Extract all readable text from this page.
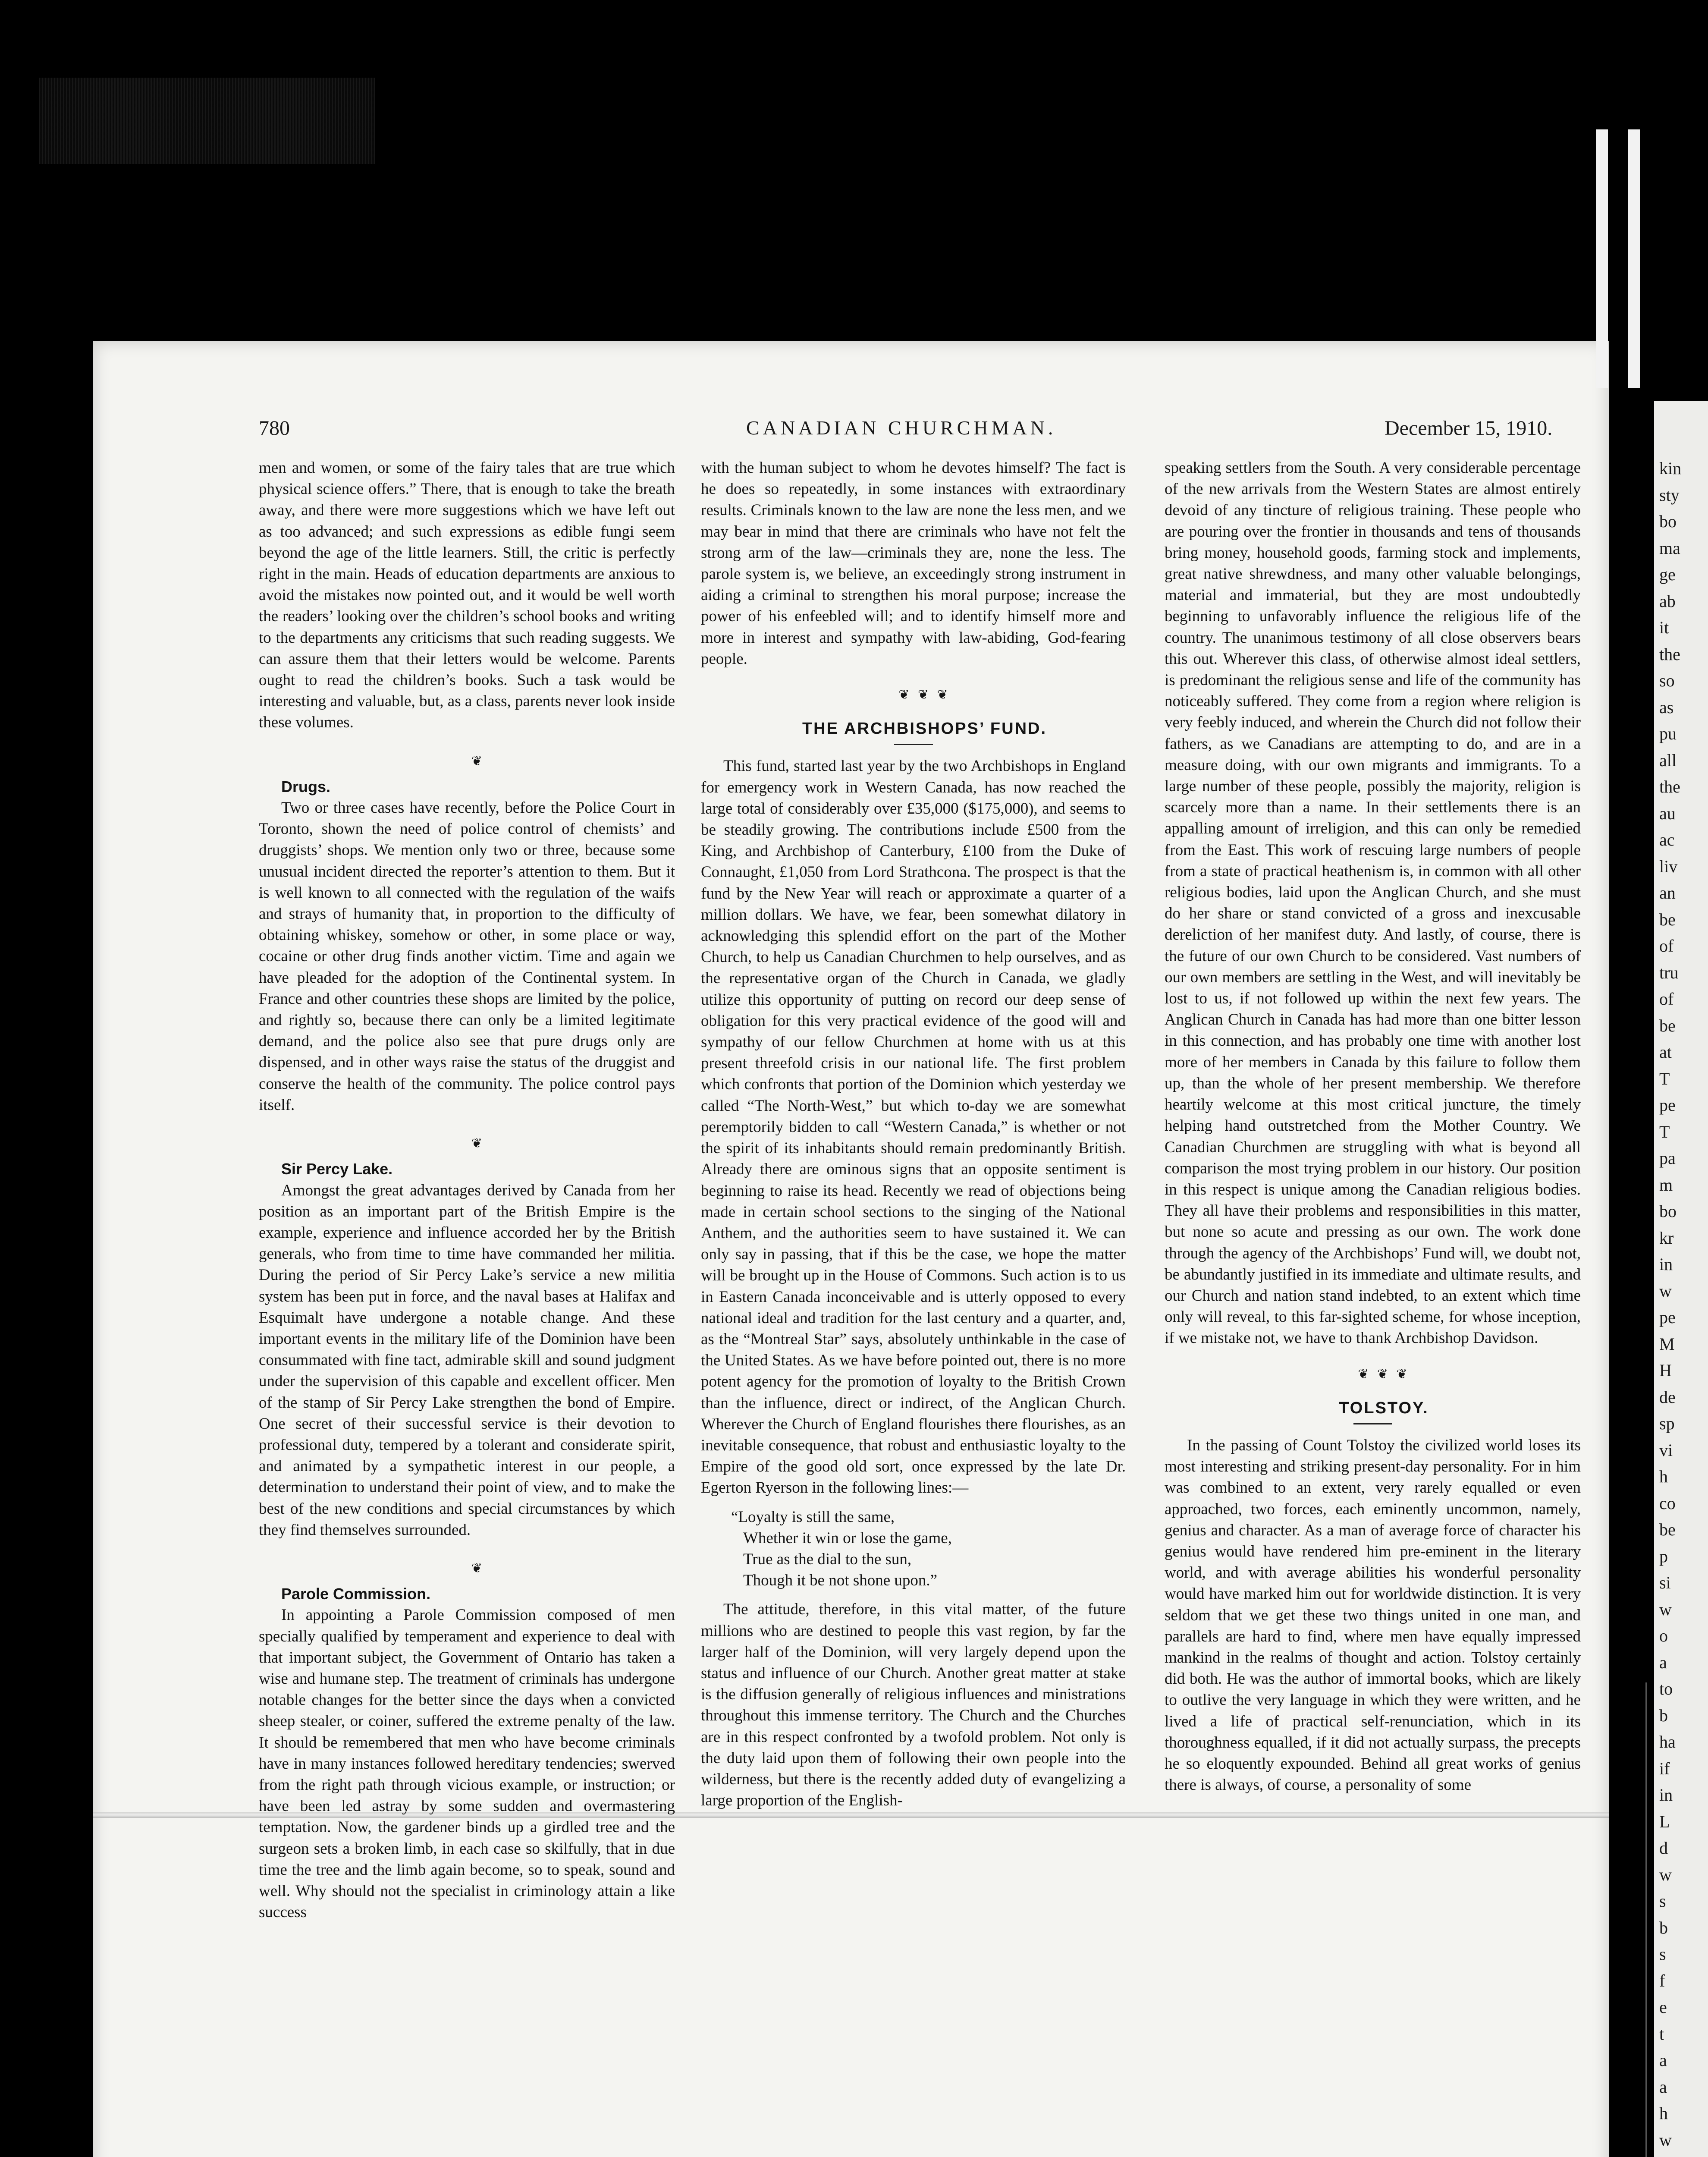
kin
sty
bo
ma
ge
ab
it
the
so
as
pu
all
the
au
ac
liv
an
be
of
tru
of
be
at
T
pe
T
pa
m
bo
kr
in
w
pe
M
H
de
sp
vi
h
co
be
p
si
w
o
a
to
b
ha
if
in
L
d
w
s
b
s
f
e
t
a
a
h
w
780	CANADIAN CHURCHMAN.	December 15, 1910.

men and women, or some of the fairy tales that are true which physical science offers.” There, that is enough to take the breath away, and there were more suggestions which we have left out as too advanced; and such expressions as edible fungi seem beyond the age of the little learners. Still, the critic is perfectly right in the main. Heads of education departments are anxious to avoid the mistakes now pointed out, and it would be well worth the readers’ looking over the children’s school books and writing to the departments any criticisms that such reading suggests. We can assure them that their letters would be welcome. Parents ought to read the children’s books. Such a task would be interesting and valuable, but, as a class, parents never look inside these volumes.

❦

Drugs.

Two or three cases have recently, before the Police Court in Toronto, shown the need of police control of chemists’ and druggists’ shops. We mention only two or three, because some unusual incident directed the reporter’s attention to them. But it is well known to all connected with the regulation of the waifs and strays of humanity that, in proportion to the difficulty of obtaining whiskey, somehow or other, in some place or way, cocaine or other drug finds another victim. Time and again we have pleaded for the adoption of the Continental system. In France and other countries these shops are limited by the police, and rightly so, because there can only be a limited legitimate demand, and the police also see that pure drugs only are dispensed, and in other ways raise the status of the druggist and conserve the health of the community. The police control pays itself.

❦

Sir Percy Lake.

Amongst the great advantages derived by Canada from her position as an important part of the British Empire is the example, experience and influence accorded her by the British generals, who from time to time have commanded her militia. During the period of Sir Percy Lake’s service a new militia system has been put in force, and the naval bases at Halifax and Esquimalt have undergone a notable change. And these important events in the military life of the Dominion have been consummated with fine tact, admirable skill and sound judgment under the supervision of this capable and excellent officer. Men of the stamp of Sir Percy Lake strengthen the bond of Empire. One secret of their successful service is their devotion to professional duty, tempered by a tolerant and considerate spirit, and animated by a sympathetic interest in our people, a determination to understand their point of view, and to make the best of the new conditions and special circumstances by which they find themselves surrounded.

❦

Parole Commission.

In appointing a Parole Commission composed of men specially qualified by temperament and experience to deal with that important subject, the Government of Ontario has taken a wise and humane step. The treatment of criminals has undergone notable changes for the better since the days when a convicted sheep stealer, or coiner, suffered the extreme penalty of the law. It should be remembered that men who have become criminals have in many instances followed hereditary tendencies; swerved from the right path through vicious example, or instruction; or have been led astray by some sudden and overmastering temptation. Now, the gardener binds up a girdled tree and the surgeon sets a broken limb, in each case so skilfully, that in due time the tree and the limb again become, so to speak, sound and well. Why should not the specialist in criminology attain a like success

with the human subject to whom he devotes himself? The fact is he does so repeatedly, in some instances with extraordinary results. Criminals known to the law are none the less men, and we may bear in mind that there are criminals who have not felt the strong arm of the law—criminals they are, none the less. The parole system is, we believe, an exceedingly strong instrument in aiding a criminal to strengthen his moral purpose; increase the power of his enfeebled will; and to identify himself more and more in interest and sympathy with law-abiding, God-fearing people.

❦ ❦ ❦

THE ARCHBISHOPS’ FUND.

This fund, started last year by the two Archbishops in England for emergency work in Western Canada, has now reached the large total of considerably over £35,000 ($175,000), and seems to be steadily growing. The contributions include £500 from the King, and Archbishop of Canterbury, £100 from the Duke of Connaught, £1,050 from Lord Strathcona. The prospect is that the fund by the New Year will reach or approximate a quarter of a million dollars. We have, we fear, been somewhat dilatory in acknowledging this splendid effort on the part of the Mother Church, to help us Canadian Churchmen to help ourselves, and as the representative organ of the Church in Canada, we gladly utilize this opportunity of putting on record our deep sense of obligation for this very practical evidence of the good will and sympathy of our fellow Churchmen at home with us at this present threefold crisis in our national life. The first problem which confronts that portion of the Dominion which yesterday we called “The North-West,” but which to-day we are somewhat peremptorily bidden to call “Western Canada,” is whether or not the spirit of its inhabitants should remain predominantly British. Already there are ominous signs that an opposite sentiment is beginning to raise its head. Recently we read of objections being made in certain school sections to the singing of the National Anthem, and the authorities seem to have sustained it. We can only say in passing, that if this be the case, we hope the matter will be brought up in the House of Commons. Such action is to us in Eastern Canada inconceivable and is utterly opposed to every national ideal and tradition for the last century and a quarter, and, as the “Montreal Star” says, absolutely unthinkable in the case of the United States. As we have before pointed out, there is no more potent agency for the promotion of loyalty to the British Crown than the influence, direct or indirect, of the Anglican Church. Wherever the Church of England flourishes there flourishes, as an inevitable consequence, that robust and enthusiastic loyalty to the Empire of the good old sort, once expressed by the late Dr. Egerton Ryerson in the following lines:—

“Loyalty is still the same,
Whether it win or lose the game,
True as the dial to the sun,
Though it be not shone upon.”

The attitude, therefore, in this vital matter, of the future millions who are destined to people this vast region, by far the larger half of the Dominion, will very largely depend upon the status and influence of our Church. Another great matter at stake is the diffusion generally of religious influences and ministrations throughout this immense territory. The Church and the Churches are in this respect confronted by a twofold problem. Not only is the duty laid upon them of following their own people into the wilderness, but there is the recently added duty of evangelizing a large proportion of the English-

speaking settlers from the South. A very considerable percentage of the new arrivals from the Western States are almost entirely devoid of any tincture of religious training. These people who are pouring over the frontier in thousands and tens of thousands bring money, household goods, farming stock and implements, great native shrewdness, and many other valuable belongings, material and immaterial, but they are most undoubtedly beginning to unfavorably influence the religious life of the country. The unanimous testimony of all close observers bears this out. Wherever this class, of otherwise almost ideal settlers, is predominant the religious sense and life of the community has noticeably suffered. They come from a region where religion is very feebly induced, and wherein the Church did not follow their fathers, as we Canadians are attempting to do, and are in a measure doing, with our own migrants and immigrants. To a large number of these people, possibly the majority, religion is scarcely more than a name. In their settlements there is an appalling amount of irreligion, and this can only be remedied from the East. This work of rescuing large numbers of people from a state of practical heathenism is, in common with all other religious bodies, laid upon the Anglican Church, and she must do her share or stand convicted of a gross and inexcusable dereliction of her manifest duty. And lastly, of course, there is the future of our own Church to be considered. Vast numbers of our own members are settling in the West, and will inevitably be lost to us, if not followed up within the next few years. The Anglican Church in Canada has had more than one bitter lesson in this connection, and has probably one time with another lost more of her members in Canada by this failure to follow them up, than the whole of her present membership. We therefore heartily welcome at this most critical juncture, the timely helping hand outstretched from the Mother Country. We Canadian Churchmen are struggling with what is beyond all comparison the most trying problem in our history. Our position in this respect is unique among the Canadian religious bodies. They all have their problems and responsibilities in this matter, but none so acute and pressing as our own. The work done through the agency of the Archbishops’ Fund will, we doubt not, be abundantly justified in its immediate and ultimate results, and our Church and nation stand indebted, to an extent which time only will reveal, to this far-sighted scheme, for whose inception, if we mistake not, we have to thank Archbishop Davidson.

❦ ❦ ❦

TOLSTOY.

In the passing of Count Tolstoy the civilized world loses its most interesting and striking present-day personality. For in him was combined to an extent, very rarely equalled or even approached, two forces, each eminently uncommon, namely, genius and character. As a man of average force of character his genius would have rendered him pre-eminent in the literary world, and with average abilities his wonderful personality would have marked him out for worldwide distinction. It is very seldom that we get these two things united in one man, and parallels are hard to find, where men have equally impressed mankind in the realms of thought and action. Tolstoy certainly did both. He was the author of immortal books, which are likely to outlive the very language in which they were written, and he lived a life of practical self-renunciation, which in its thoroughness equalled, if it did not actually surpass, the precepts he so eloquently expounded. Behind all great works of genius there is always, of course, a personality of some
